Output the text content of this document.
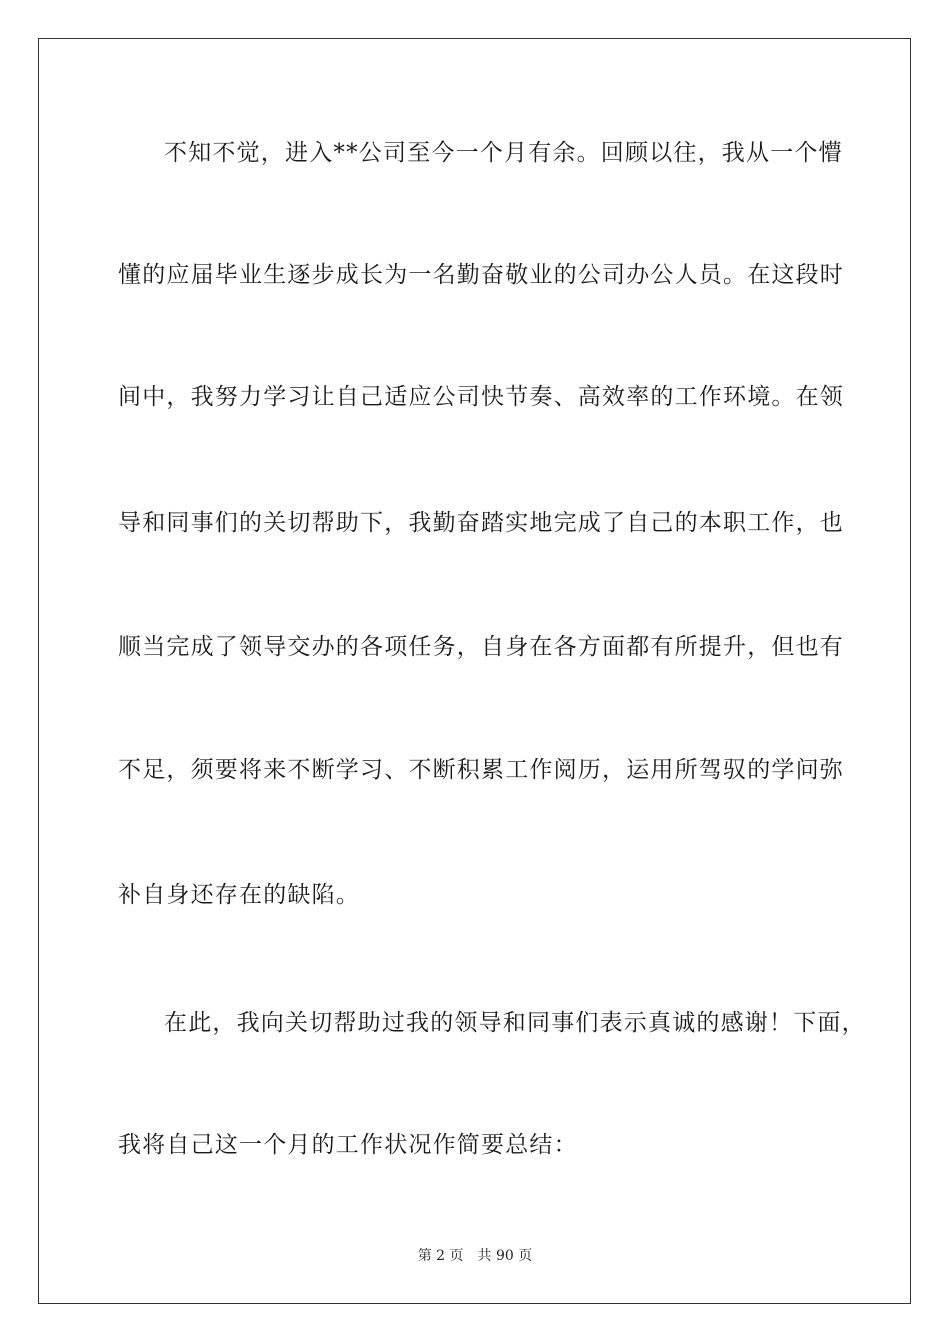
不知不觉，进入**公司至今一个月有余。回顾以往，我从一个懵
懂的应届毕业生逐步成长为一名勤奋敬业的公司办公人员。在这段时
间中，我努力学习让自己适应公司快节奏、高效率的工作环境。在领
导和同事们的关切帮助下，我勤奋踏实地完成了自己的本职工作，也
顺当完成了领导交办的各项任务，自身在各方面都有所提升，但也有
不足，须要将来不断学习、不断积累工作阅历，运用所驾驭的学问弥
补自身还存在的缺陷。
在此，我向关切帮助过我的领导和同事们表示真诚的感谢！下面，
我将自己这一个月的工作状况作简要总结：
第 2 页 共 90 页
